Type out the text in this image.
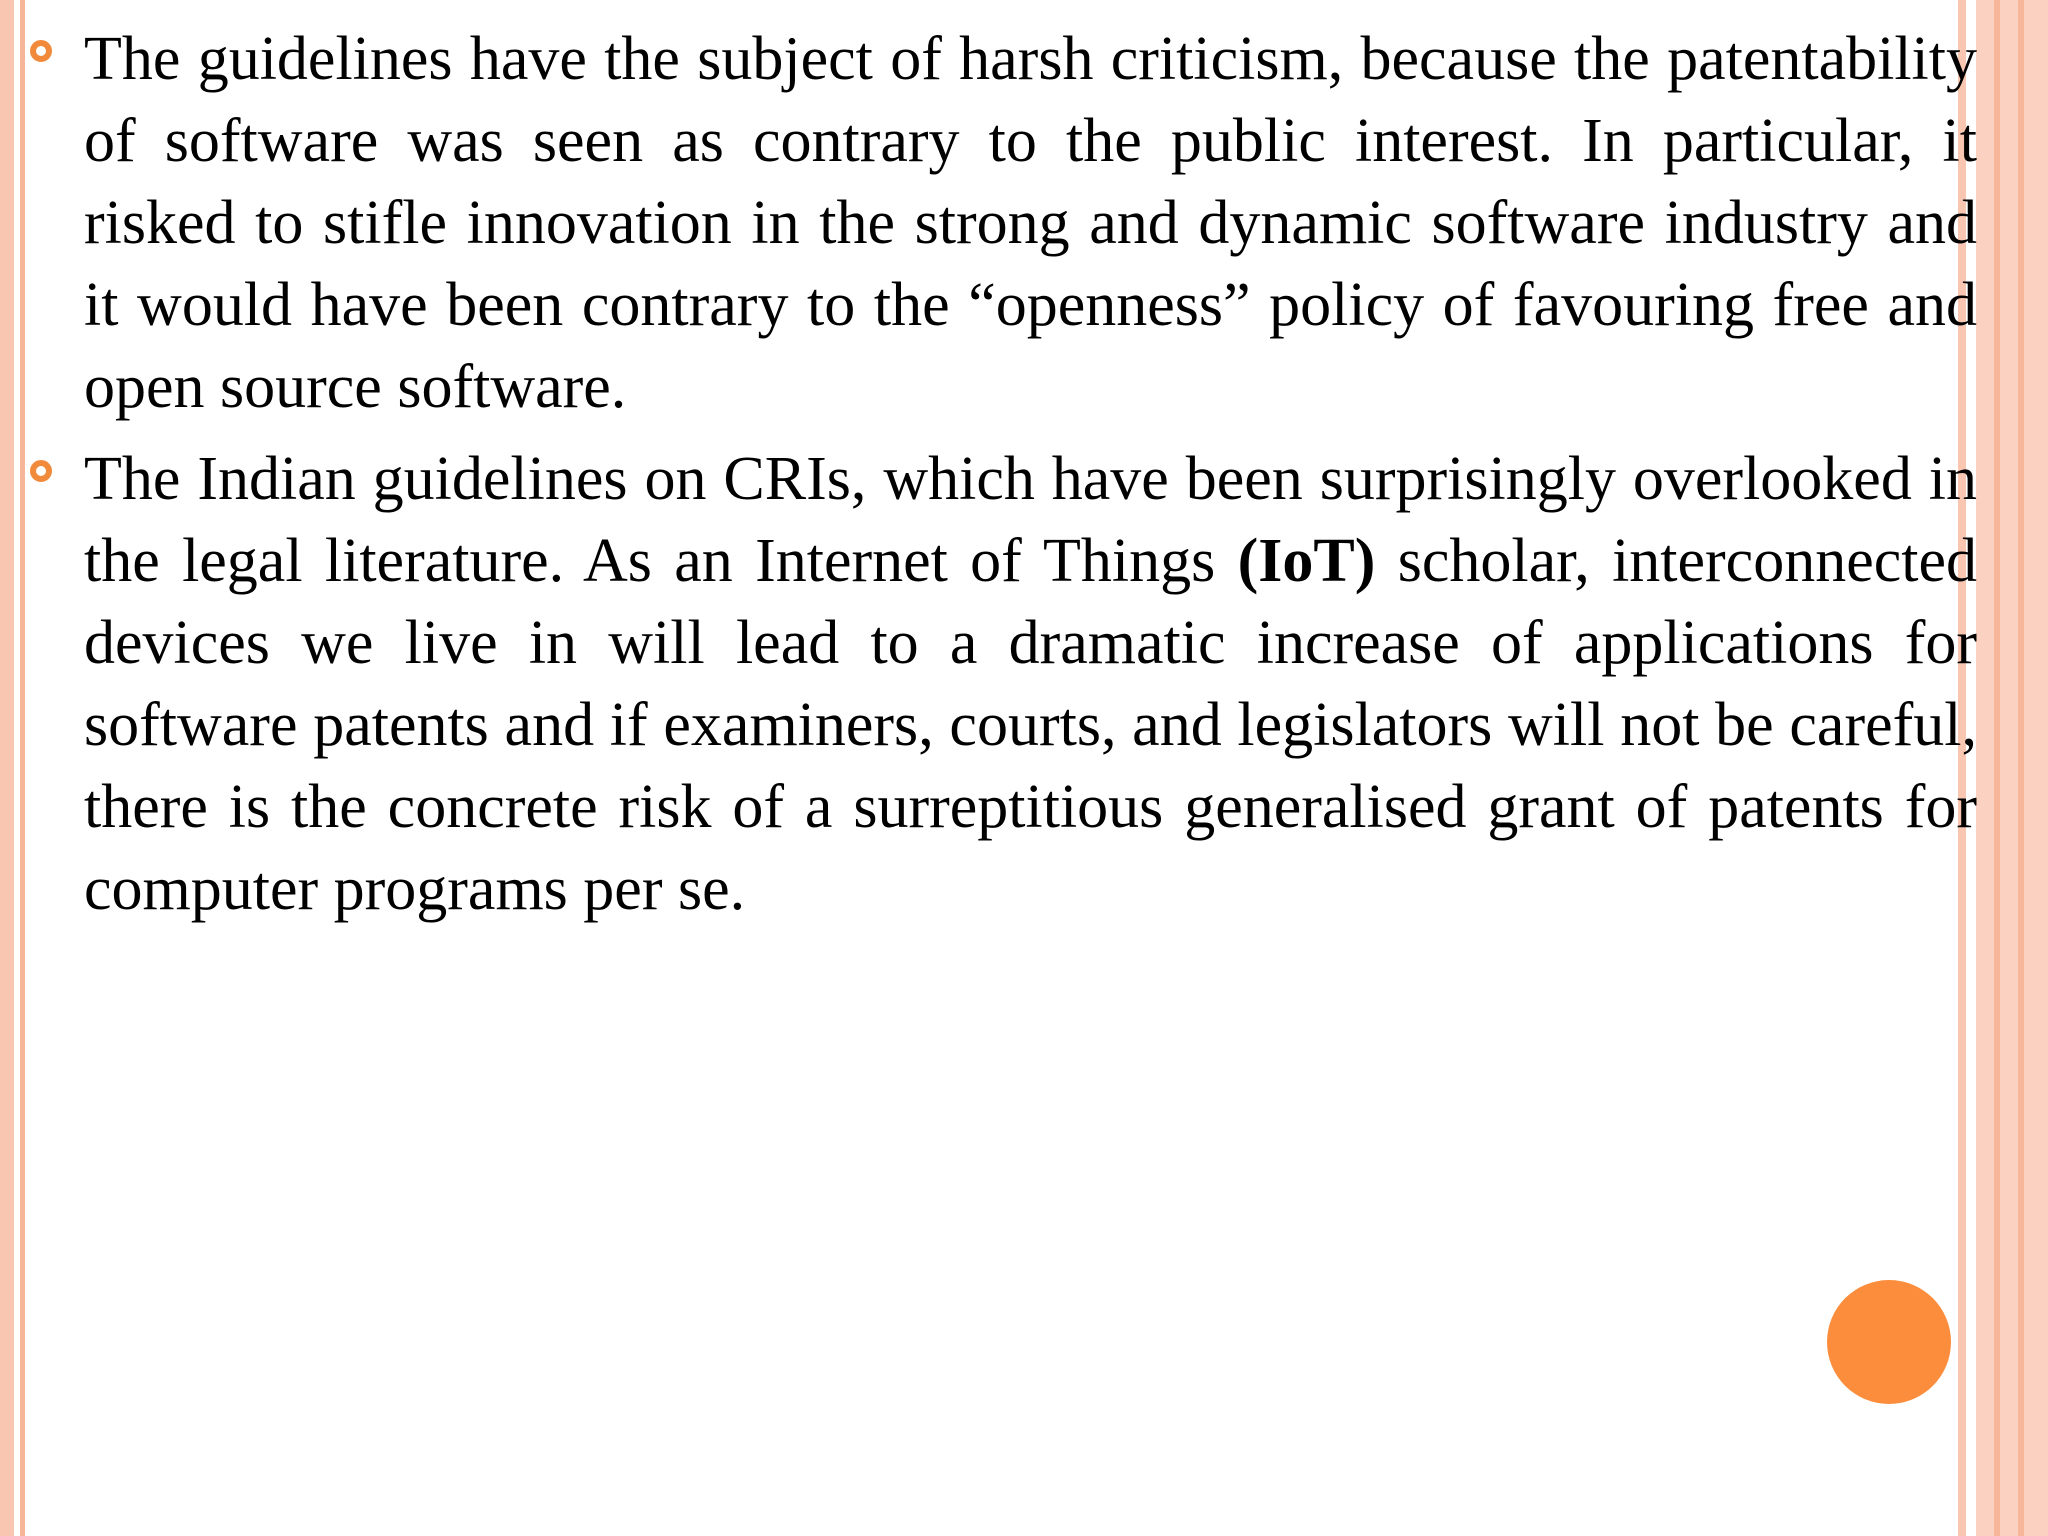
The guidelines have the subject of harsh criticism, because the patentability of software was seen as contrary to the public interest. In particular, it risked to stifle innovation in the strong and dynamic software industry and it would have been contrary to the “openness” policy of favouring free and open source software.
The Indian guidelines on CRIs, which have been surprisingly overlooked in the legal literature. As an Internet of Things (IoT) scholar, interconnected devices we live in will lead to a dramatic increase of applications for software patents and if examiners, courts, and legislators will not be careful, there is the concrete risk of a surreptitious generalised grant of patents for computer programs per se.
